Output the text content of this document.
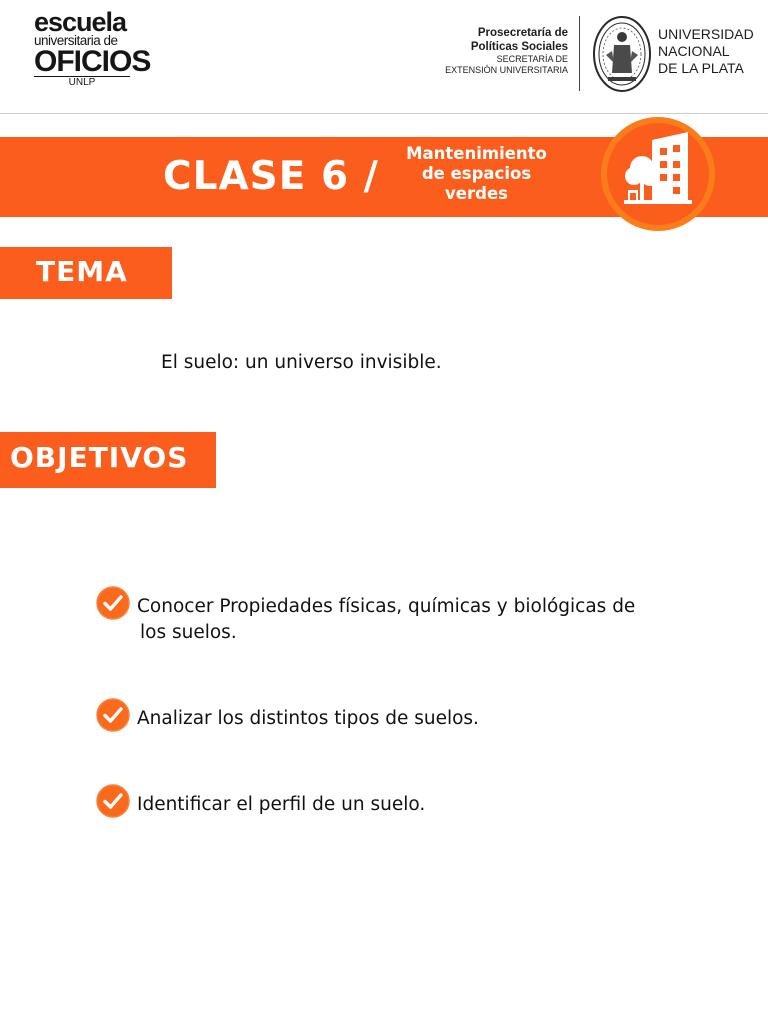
escuela
universitaria de
OFICIOS
UNLP
Prosecretaría de
Políticas Sociales
SECRETARÍA DE
EXTENSIÓN UNIVERSITARIA
UNIVERSIDAD
NACIONAL
DE LA PLATA
CLASE 6 /
Mantenimiento
de espacios
verdes
TEMA
El suelo: un universo invisible.
OBJETIVOS
Conocer Propiedades físicas, químicas y biológicas de
los suelos.
Analizar los distintos tipos de suelos.
Identificar el perfil de un suelo.
